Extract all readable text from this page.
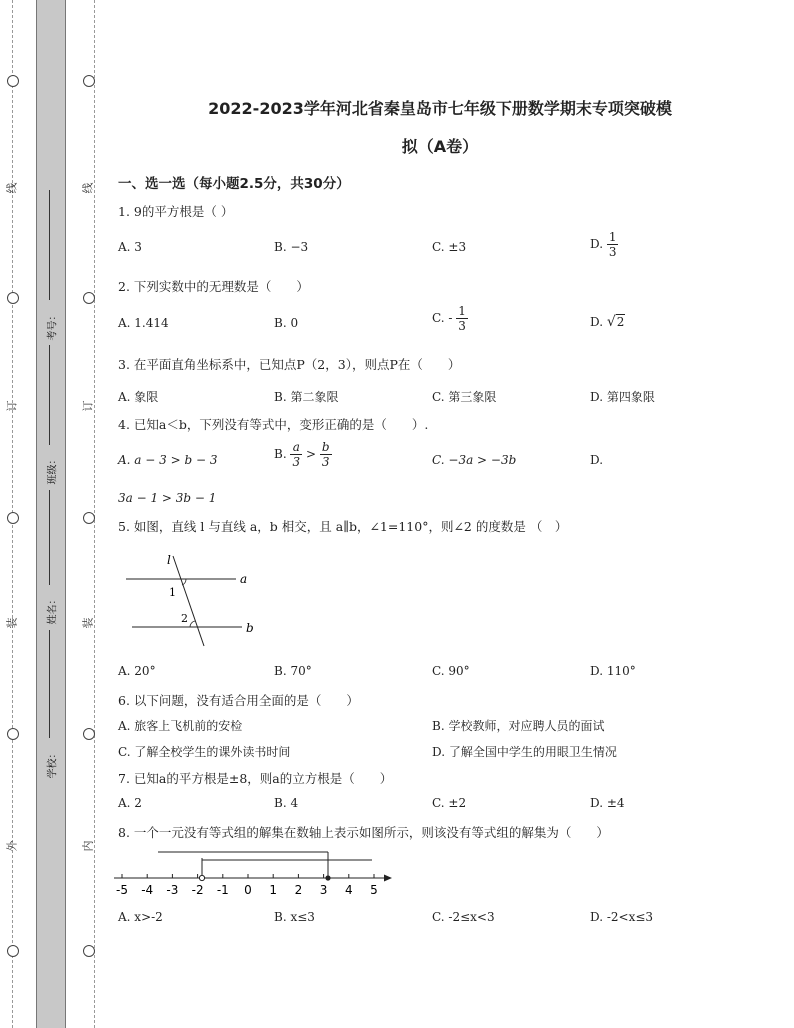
线
订
装
外
线
订
装
内
考号：
班级：
姓名：
学校：
2022-2023学年河北省秦皇岛市七年级下册数学期末专项突破模
拟（A卷）
一、选一选（每小题2.5分，共30分）
1. 9的平方根是（ ）
A. 3	B. −3	C. ±3	D. $\frac{1}{3}$
2. 下列实数中的无理数是（　　）
A. 1.414	B. 0	C. - $\frac{1}{3}$	D. √2
3. 在平面直角坐标系中，已知点P（2，3），则点P在（　　）
A. 象限	B. 第二象限	C. 第三象限	D. 第四象限
4. 已知a＜b，下列没有等式中，变形正确的是（　　）.
A. a − 3 > b − 3	B. $\frac{a}{3} > \frac{b}{3}$	C. −3a > −3b	D.
3a − 1 > 3b − 1
5. 如图，直线 l 与直线 a，b 相交，且 a∥b，∠1=110°，则∠2 的度数是 （　）
l
a
b
1
2
A. 20°	B. 70°	C. 90°	D. 110°
6. 以下问题，没有适合用全面的是（　　）
A. 旅客上飞机前的安检	B. 学校教师，对应聘人员的面试
C. 了解全校学生的课外读书时间	D. 了解全国中学生的用眼卫生情况
7. 已知a的平方根是±8，则a的立方根是（　　）
A. 2	B. 4	C. ±2	D. ±4
8. 一个一元没有等式组的解集在数轴上表示如图所示，则该没有等式组的解集为（　　）
-5 -4 -3 -2 -1 0 1 2 3 4 5
A. x>-2	B. x≤3	C. -2≤x<3	D. -2<x≤3
